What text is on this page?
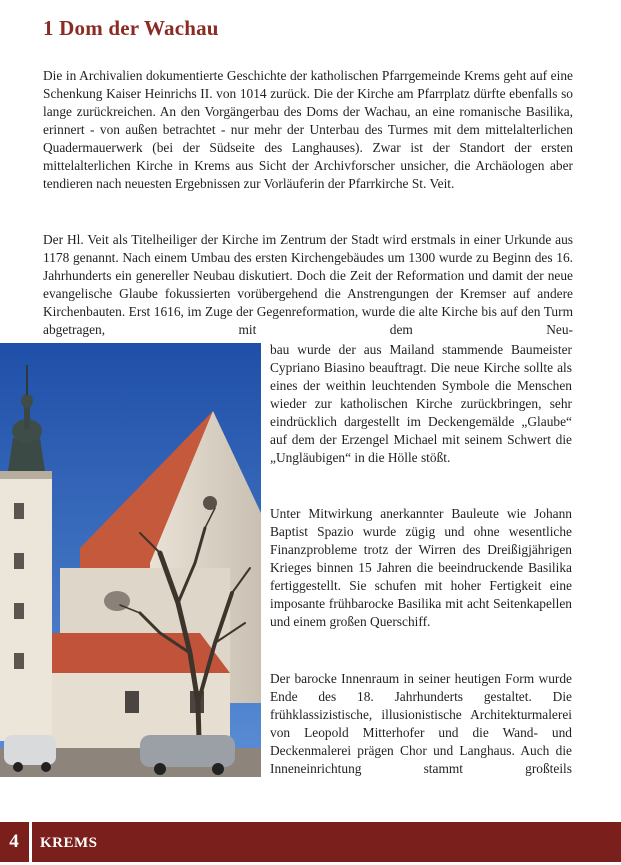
1 Dom der Wachau

Die in Archivalien dokumentierte Geschichte der katholischen Pfarrgemeinde Krems geht auf eine Schenkung Kaiser Heinrichs II. von 1014 zurück. Die der Kirche am Pfarrplatz dürfte ebenfalls so lange zurückreichen. An den Vorgängerbau des Doms der Wachau, an eine romanische Basilika, erinnert - von außen betrachtet - nur mehr der Unterbau des Turmes mit dem mittelalterlichen Quadermauerwerk (bei der Südseite des Langhauses). Zwar ist der Standort der ersten mittelalterlichen Kirche in Krems aus Sicht der Archivforscher unsicher, die Archäologen aber tendieren nach neuesten Ergebnissen zur Vorläuferin der Pfarrkirche St. Veit.

Der Hl. Veit als Titelheiliger der Kirche im Zentrum der Stadt wird erstmals in einer Urkunde aus 1178 genannt. Nach einem Umbau des ersten Kirchengebäudes um 1300 wurde zu Beginn des 16. Jahrhunderts ein genereller Neubau diskutiert. Doch die Zeit der Reformation und damit der neue evangelische Glaube fokussierten vorübergehend die Anstrengungen der Kremser auf andere Kirchenbauten. Erst 1616, im Zuge der Gegenreformation, wurde die alte Kirche bis auf den Turm abgetragen, mit dem Neu-

bau wurde der aus Mailand stammende Baumeister Cypriano Biasino beauftragt. Die neue Kirche sollte als eines der weithin leuchtenden Symbole die Menschen wieder zur katholischen Kirche zurückbringen, sehr eindrücklich dargestellt im Deckengemälde „Glaube“ auf dem der Erzengel Michael mit seinem Schwert die „Ungläubigen“ in die Hölle stößt.

Unter Mitwirkung anerkannter Bauleute wie Johann Baptist Spazio wurde zügig und ohne wesentliche Finanzprobleme trotz der Wirren des Dreißigjährigen Krieges binnen 15 Jahren die beeindruckende Basilika fertiggestellt. Sie schufen mit hoher Fertigkeit eine imposante frühbarocke Basilika mit acht Seitenkapellen und einem großen Querschiff.

Der barocke Innenraum in seiner heutigen Form wurde Ende des 18. Jahrhunderts gestaltet. Die frühklassizistische, illusionistische Architekturmalerei von Leopold Mitterhofer und die Wand- und Deckenmalerei prägen Chor und Langhaus. Auch die Inneneinrichtung stammt großteils

4	KREMS
